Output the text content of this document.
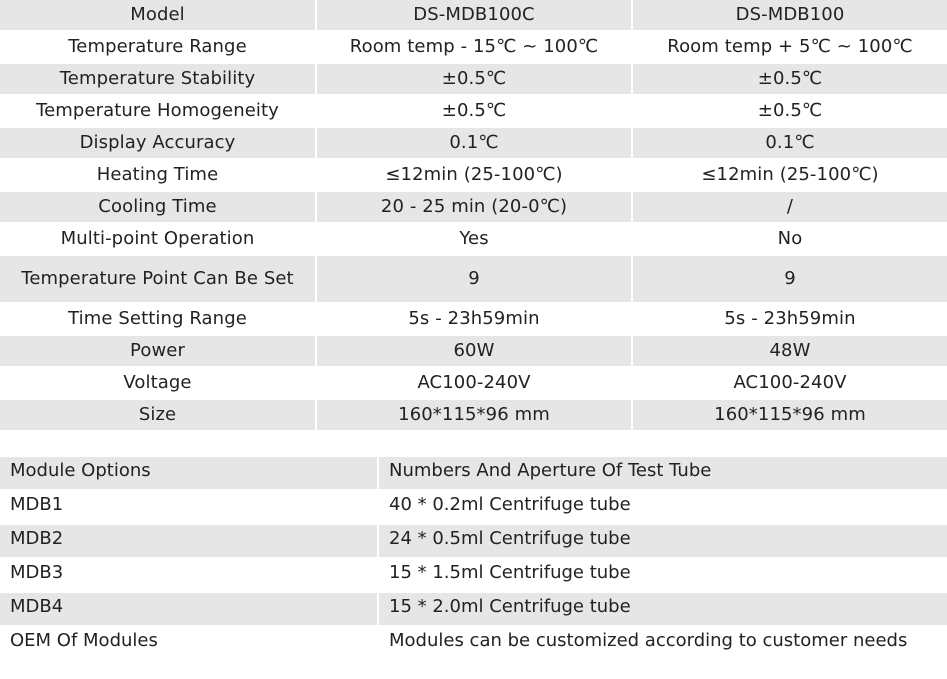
Model	DS-MDB100C	DS-MDB100
Temperature Range	Room temp - 15℃ ~ 100℃	Room temp + 5℃ ~ 100℃
Temperature Stability	±0.5℃	±0.5℃
Temperature Homogeneity	±0.5℃	±0.5℃
Display Accuracy	0.1℃	0.1℃
Heating Time	≤12min (25-100℃)	≤12min (25-100℃)
Cooling Time	20 - 25 min (20-0℃)	/
Multi-point Operation	Yes	No
Temperature Point Can Be Set	9	9
Time Setting Range	5s - 23h59min	5s - 23h59min
Power	60W	48W
Voltage	AC100-240V	AC100-240V
Size	160*115*96 mm	160*115*96 mm
Module Options	Numbers And Aperture Of Test Tube
MDB1	40 * 0.2ml Centrifuge tube
MDB2	24 * 0.5ml Centrifuge tube
MDB3	15 * 1.5ml Centrifuge tube
MDB4	15 * 2.0ml Centrifuge tube
OEM Of Modules	Modules can be customized according to customer needs
